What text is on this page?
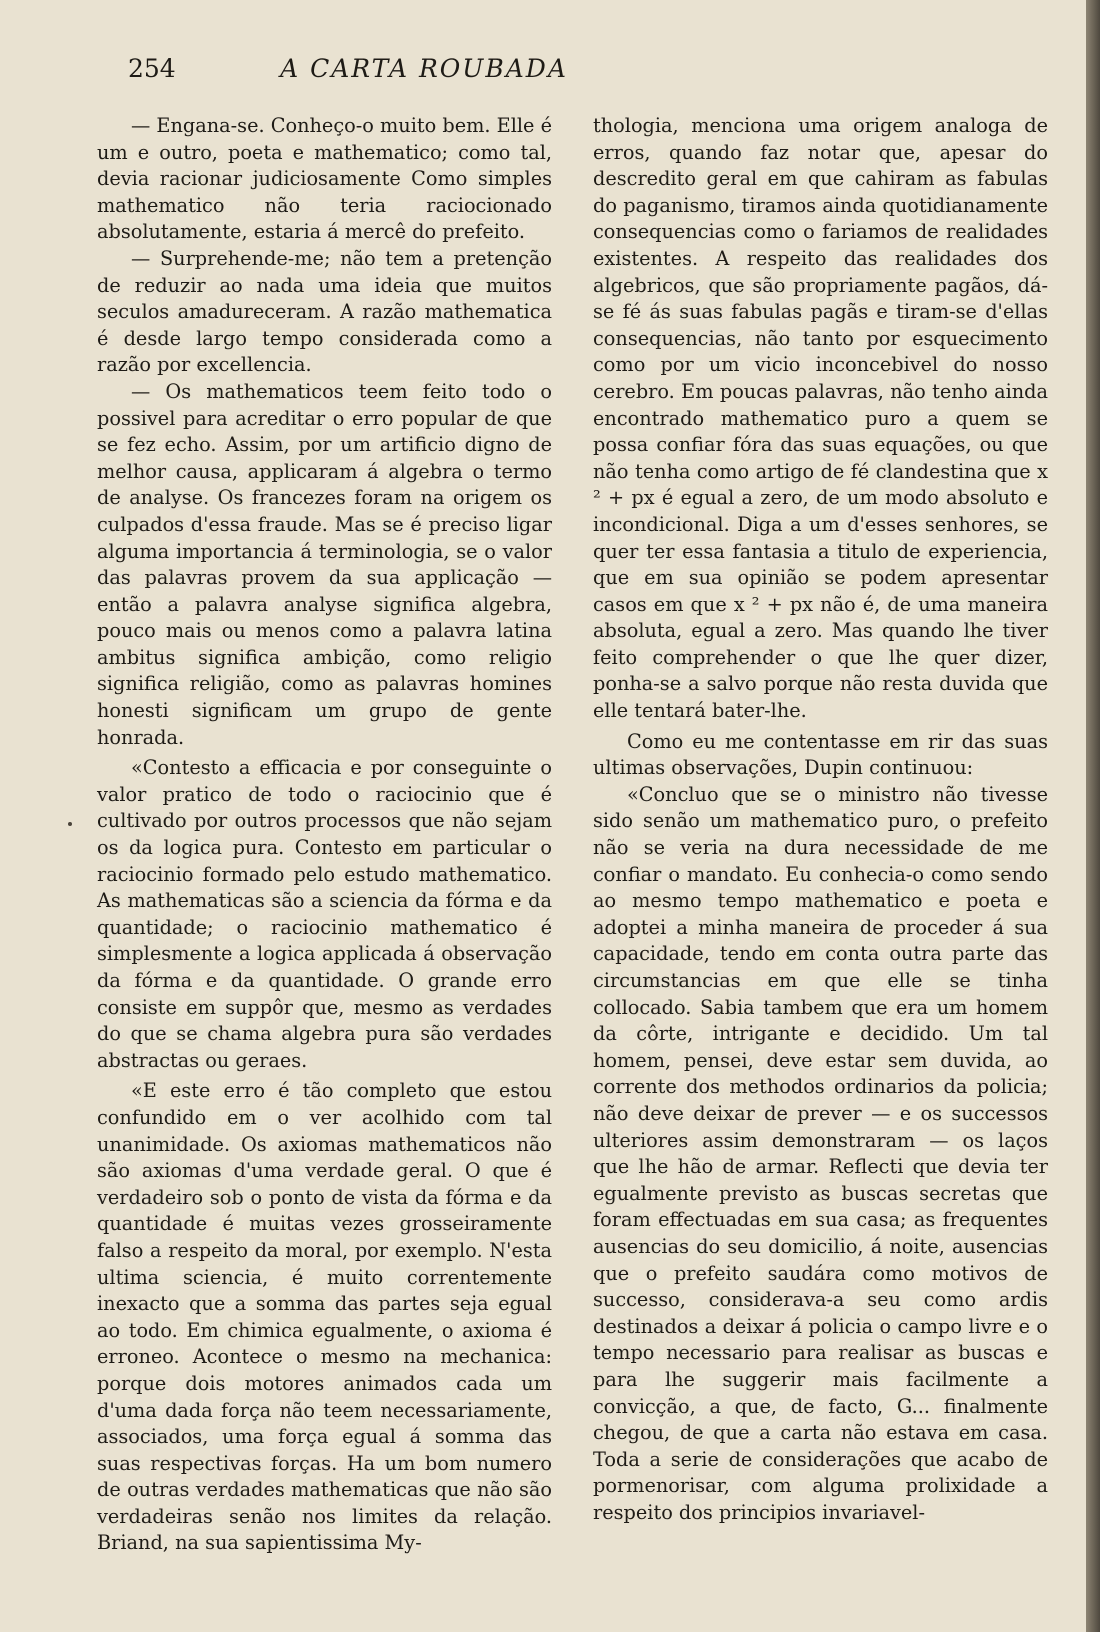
254	A CARTA ROUBADA

— Engana-se. Conheço-o muito bem. Elle é um e outro, poeta e mathematico; como tal, devia racionar judiciosamente Como simples mathematico não teria raciocionado absolutamente, estaria á mercê do prefeito.

— Surprehende-me; não tem a pretenção de reduzir ao nada uma ideia que muitos seculos amadureceram. A razão mathematica é desde largo tempo considerada como a razão por excellencia.

— Os mathematicos teem feito todo o possivel para acreditar o erro popular de que se fez echo. Assim, por um artificio digno de melhor causa, applicaram á algebra o termo de analyse. Os francezes foram na origem os culpados d'essa fraude. Mas se é preciso ligar alguma importancia á terminologia, se o valor das palavras provem da sua applicação — então a palavra analyse significa algebra, pouco mais ou menos como a palavra latina ambitus significa ambição, como religio significa religião, como as palavras homines honesti significam um grupo de gente honrada.

«Contesto a efficacia e por conseguinte o valor pratico de todo o raciocinio que é cultivado por outros processos que não sejam os da logica pura. Contesto em particular o raciocinio formado pelo estudo mathematico. As mathematicas são a sciencia da fórma e da quantidade; o raciocinio mathematico é simplesmente a logica applicada á observação da fórma e da quantidade. O grande erro consiste em suppôr que, mesmo as verdades do que se chama algebra pura são verdades abstractas ou geraes.

«E este erro é tão completo que estou confundido em o ver acolhido com tal unanimidade. Os axiomas mathematicos não são axiomas d'uma verdade geral. O que é verdadeiro sob o ponto de vista da fórma e da quantidade é muitas vezes grosseiramente falso a respeito da moral, por exemplo. N'esta ultima sciencia, é muito correntemente inexacto que a somma das partes seja egual ao todo. Em chimica egualmente, o axioma é erroneo. Acontece o mesmo na mechanica: porque dois motores animados cada um d'uma dada força não teem necessariamente, associados, uma força egual á somma das suas respectivas forças. Ha um bom numero de outras verdades mathematicas que não são verdadeiras senão nos limites da relação. Briand, na sua sapientissima My-

thologia, menciona uma origem analoga de erros, quando faz notar que, apesar do descredito geral em que cahiram as fabulas do paganismo, tiramos ainda quotidianamente consequencias como o fariamos de realidades existentes. A respeito das realidades dos algebricos, que são propriamente pagãos, dá-se fé ás suas fabulas pagãs e tiram-se d'ellas consequencias, não tanto por esquecimento como por um vicio inconcebivel do nosso cerebro. Em poucas palavras, não tenho ainda encontrado mathematico puro a quem se possa confiar fóra das suas equações, ou que não tenha como artigo de fé clandestina que x ² + px é egual a zero, de um modo absoluto e incondicional. Diga a um d'esses senhores, se quer ter essa fantasia a titulo de experiencia, que em sua opinião se podem apresentar casos em que x ² + px não é, de uma maneira absoluta, egual a zero. Mas quando lhe tiver feito comprehender o que lhe quer dizer, ponha-se a salvo porque não resta duvida que elle tentará bater-lhe.

Como eu me contentasse em rir das suas ultimas observações, Dupin continuou:

«Concluo que se o ministro não tivesse sido senão um mathematico puro, o prefeito não se veria na dura necessidade de me confiar o mandato. Eu conhecia-o como sendo ao mesmo tempo mathematico e poeta e adoptei a minha maneira de proceder á sua capacidade, tendo em conta outra parte das circumstancias em que elle se tinha collocado. Sabia tambem que era um homem da côrte, intrigante e decidido. Um tal homem, pensei, deve estar sem duvida, ao corrente dos methodos ordinarios da policia; não deve deixar de prever — e os successos ulteriores assim demonstraram — os laços que lhe hão de armar. Reflecti que devia ter egualmente previsto as buscas secretas que foram effectuadas em sua casa; as frequentes ausencias do seu domicilio, á noite, ausencias que o prefeito saudára como motivos de successo, considerava-a seu como ardis destinados a deixar á policia o campo livre e o tempo necessario para realisar as buscas e para lhe suggerir mais facilmente a convicção, a que, de facto, G... finalmente chegou, de que a carta não estava em casa. Toda a serie de considerações que acabo de pormenorisar, com alguma prolixidade a respeito dos principios invariavel-
